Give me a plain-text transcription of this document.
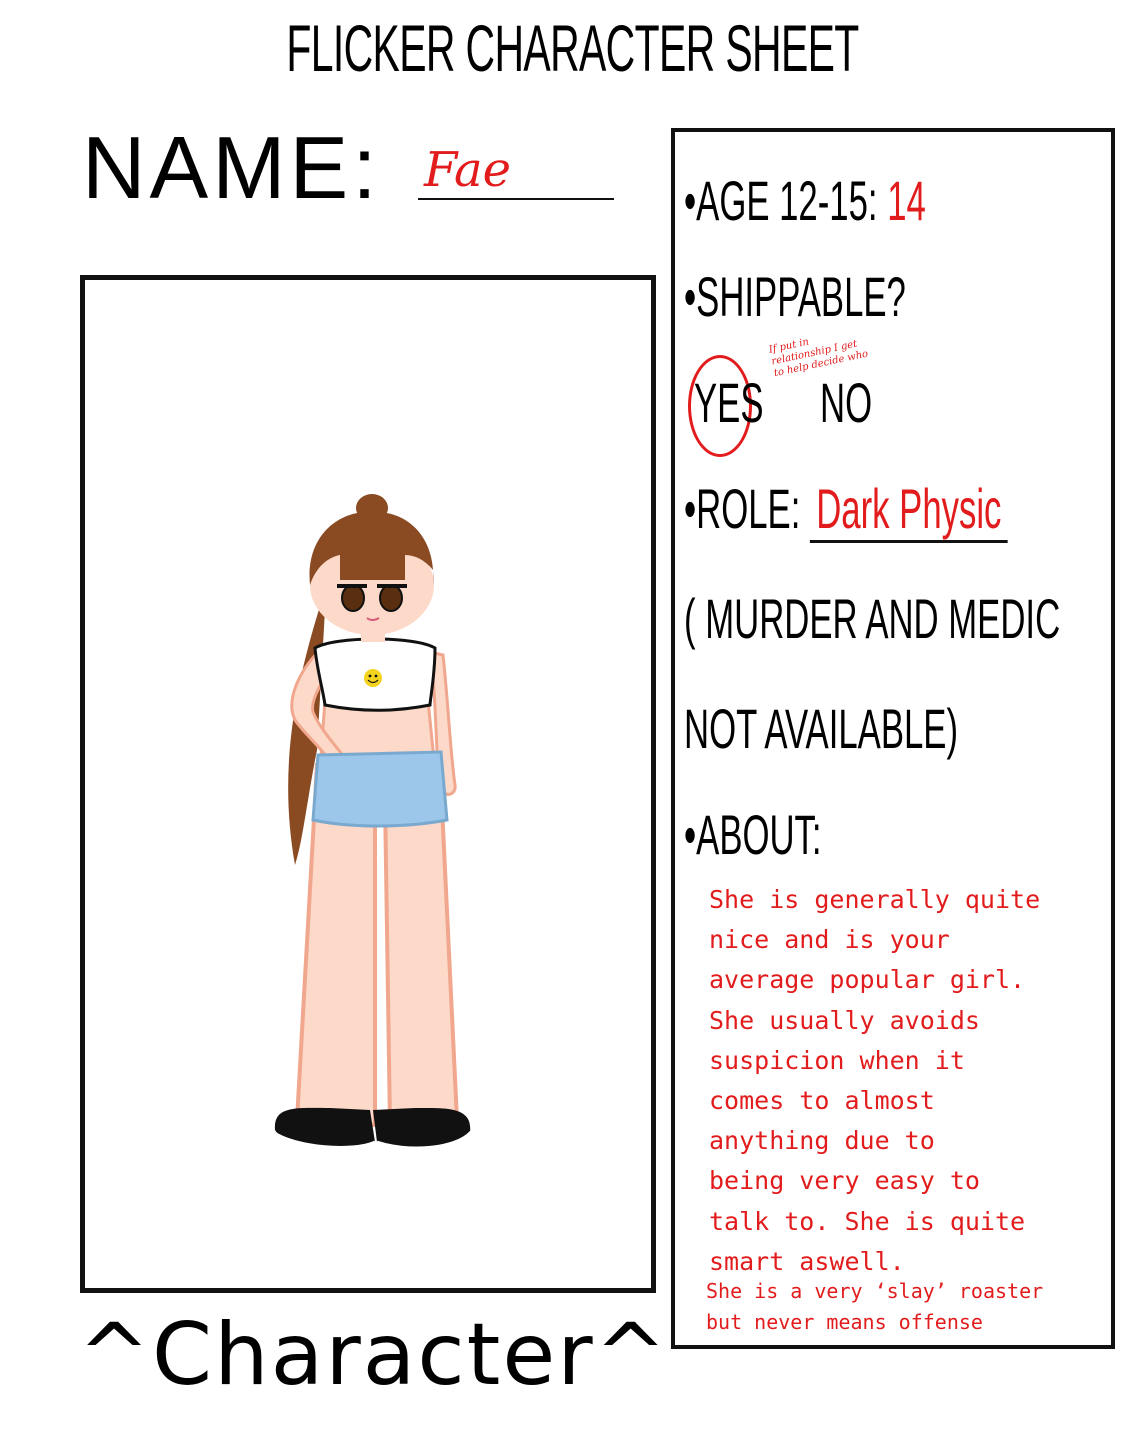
FLICKER CHARACTER SHEET
NAME: Fae
^Character^
•AGE 12-15: 14
•SHIPPABLE?
YES
If put in relationship I get to help decide who
NO
•ROLE: Dark Physic
( MURDER AND MEDIC
NOT AVAILABLE)
•ABOUT:
She is generally quite
nice and is your
average popular girl.
She usually avoids
suspicion when it
comes to almost
anything due to
being very easy to
talk to. She is quite
smart aswell.
She is a very ‘slay’ roaster
but never means offense
